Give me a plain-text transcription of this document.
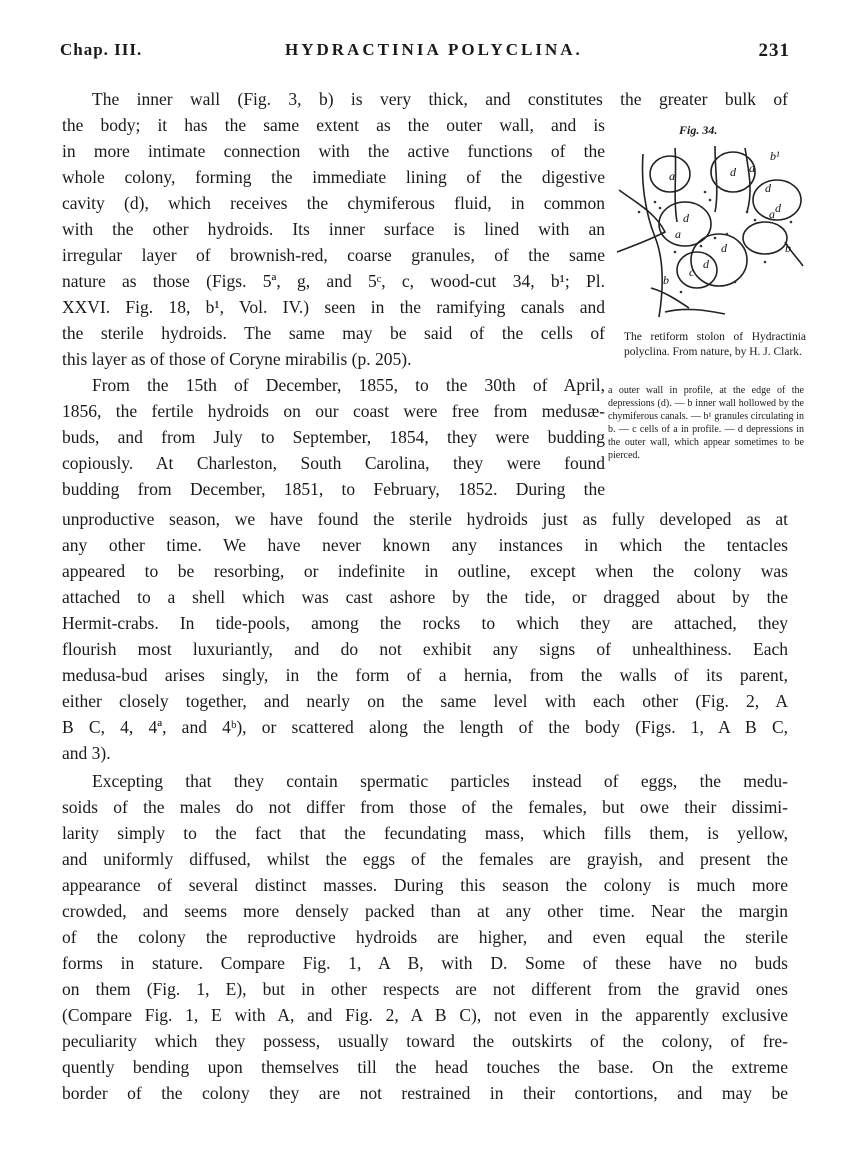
Chap. III.	HYDRACTINIA POLYCLINA.	231
Fig. 34.
a	d
b¹
d
a
d
a
a d
c
d
d
b
b

The retiform stolon of Hydractinia polyclina. From nature, by H. J. Clark.

a outer wall in profile, at the edge of the depressions (d). — b inner wall hollowed by the chymiferous canals. — b¹ granules circulating in b. — c cells of a in profile. — d depressions in the outer wall, which appear sometimes to be pierced.

The inner wall (Fig. 3, b) is very thick, and constitutes the greater bulk of
the body; it has the same extent as the outer wall, and is
in more intimate connection with the active functions of the
whole colony, forming the immediate lining of the digestive
cavity (d), which receives the chymiferous fluid, in common
with the other hydroids. Its inner surface is lined with an
irregular layer of brownish-red, coarse granules, of the same
nature as those (Figs. 5ª, g, and 5ᶜ, c, wood-cut 34, b¹; Pl.
XXVI. Fig. 18, b¹, Vol. IV.) seen in the ramifying canals and
the sterile hydroids. The same may be said of the cells of
this layer as of those of Coryne mirabilis (p. 205).
From the 15th of December, 1855, to the 30th of April,
1856, the fertile hydroids on our coast were free from medusæ-
buds, and from July to September, 1854, they were budding
copiously. At Charleston, South Carolina, they were found
budding from December, 1851, to February, 1852. During the
unproductive season, we have found the sterile hydroids just as fully developed as at
any other time. We have never known any instances in which the tentacles
appeared to be resorbing, or indefinite in outline, except when the colony was
attached to a shell which was cast ashore by the tide, or dragged about by the
Hermit-crabs. In tide-pools, among the rocks to which they are attached, they
flourish most luxuriantly, and do not exhibit any signs of unhealthiness. Each
medusa-bud arises singly, in the form of a hernia, from the walls of its parent,
either closely together, and nearly on the same level with each other (Fig. 2, A
B C, 4, 4ª, and 4ᵇ), or scattered along the length of the body (Figs. 1, A B C,
and 3).
Excepting that they contain spermatic particles instead of eggs, the medu-
soids of the males do not differ from those of the females, but owe their dissimi-
larity simply to the fact that the fecundating mass, which fills them, is yellow,
and uniformly diffused, whilst the eggs of the females are grayish, and present the
appearance of several distinct masses. During this season the colony is much more
crowded, and seems more densely packed than at any other time. Near the margin
of the colony the reproductive hydroids are higher, and even equal the sterile
forms in stature. Compare Fig. 1, A B, with D. Some of these have no buds
on them (Fig. 1, E), but in other respects are not different from the gravid ones
(Compare Fig. 1, E with A, and Fig. 2, A B C), not even in the apparently exclusive
peculiarity which they possess, usually toward the outskirts of the colony, of fre-
quently bending upon themselves till the head touches the base. On the extreme
border of the colony they are not restrained in their contortions, and may be
